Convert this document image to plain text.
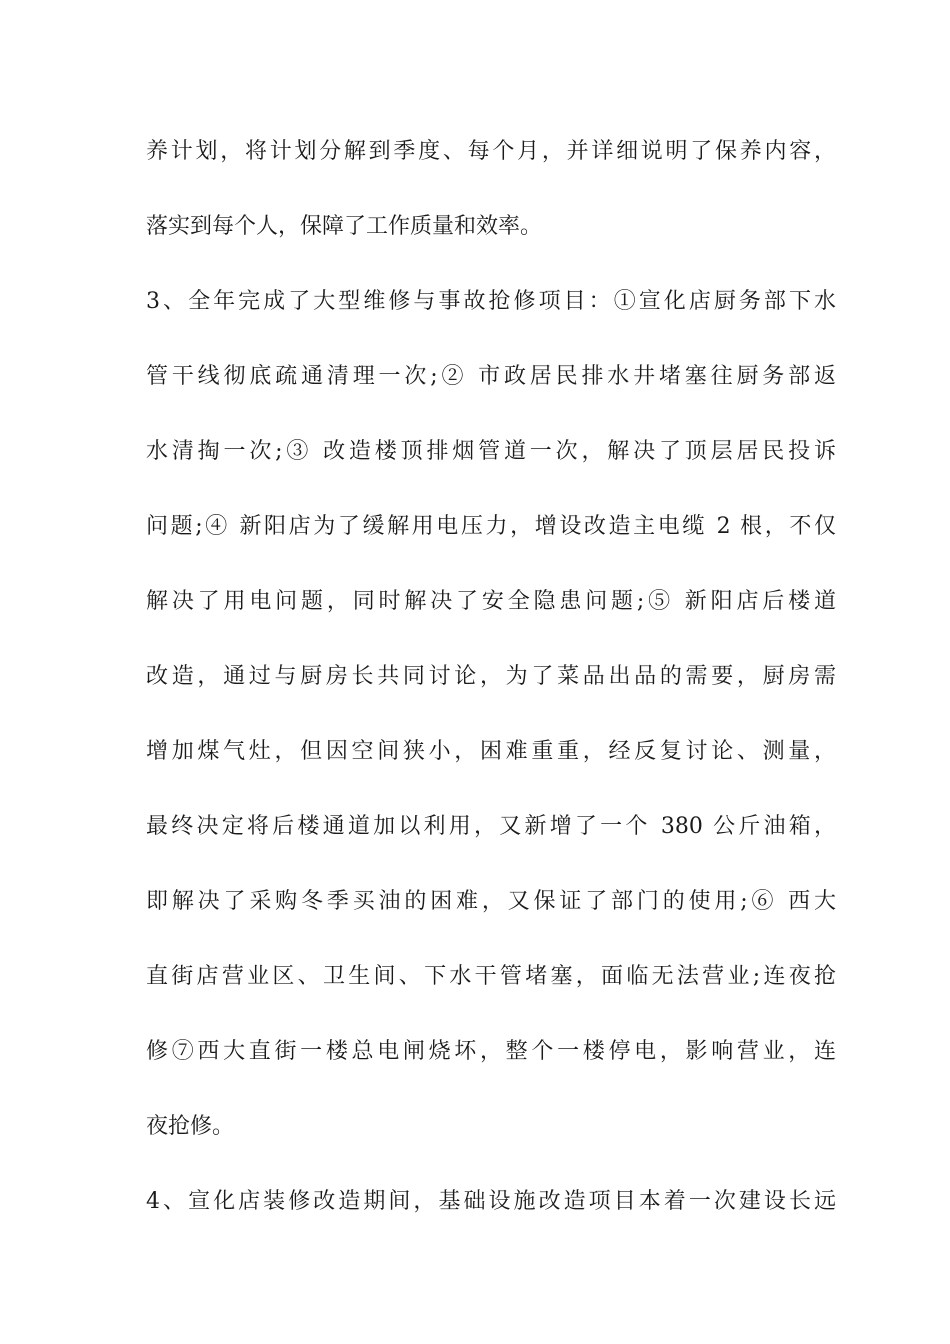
养计划，将计划分解到季度、每个月，并详细说明了保养内容，
落实到每个人，保障了工作质量和效率。
3、全年完成了大型维修与事故抢修项目：①宣化店厨务部下水
管干线彻底疏通清理一次;② 市政居民排水井堵塞往厨务部返
水清掏一次;③ 改造楼顶排烟管道一次，解决了顶层居民投诉
问题;④ 新阳店为了缓解用电压力，增设改造主电缆 2 根，不仅
解决了用电问题，同时解决了安全隐患问题;⑤ 新阳店后楼道
改造，通过与厨房长共同讨论，为了菜品出品的需要，厨房需
增加煤气灶，但因空间狭小，困难重重，经反复讨论、测量，
最终决定将后楼通道加以利用，又新增了一个 380 公斤油箱，
即解决了采购冬季买油的困难，又保证了部门的使用;⑥ 西大
直街店营业区、卫生间、下水干管堵塞，面临无法营业;连夜抢
修⑦西大直街一楼总电闸烧坏，整个一楼停电，影响营业，连
夜抢修。
4、宣化店装修改造期间，基础设施改造项目本着一次建设长远
